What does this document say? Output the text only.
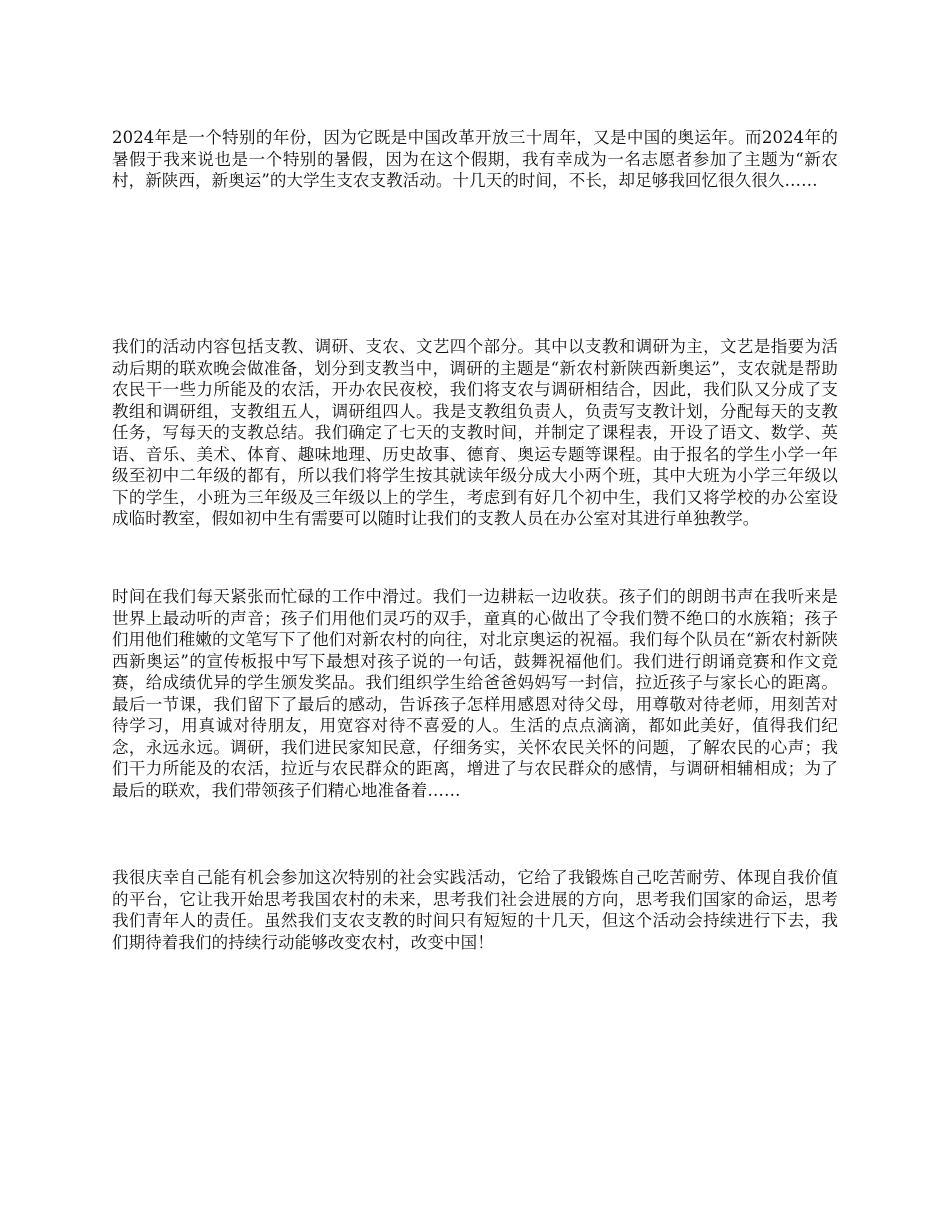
2024年是一个特别的年份，因为它既是中国改革开放三十周年，又是中国的奥运年。而2024年的暑假于我来说也是一个特别的暑假，因为在这个假期，我有幸成为一名志愿者参加了主题为“新农村，新陕西，新奥运”的大学生支农支教活动。十几天的时间，不长，却足够我回忆很久很久……

我们的活动内容包括支教、调研、支农、文艺四个部分。其中以支教和调研为主，文艺是指要为活动后期的联欢晚会做准备，划分到支教当中，调研的主题是“新农村新陕西新奥运”，支农就是帮助农民干一些力所能及的农活，开办农民夜校，我们将支农与调研相结合，因此，我们队又分成了支教组和调研组，支教组五人，调研组四人。我是支教组负责人，负责写支教计划，分配每天的支教任务，写每天的支教总结。我们确定了七天的支教时间，并制定了课程表，开设了语文、数学、英语、音乐、美术、体育、趣味地理、历史故事、德育、奥运专题等课程。由于报名的学生小学一年级至初中二年级的都有，所以我们将学生按其就读年级分成大小两个班，其中大班为小学三年级以下的学生，小班为三年级及三年级以上的学生，考虑到有好几个初中生，我们又将学校的办公室设成临时教室，假如初中生有需要可以随时让我们的支教人员在办公室对其进行单独教学。

时间在我们每天紧张而忙碌的工作中滑过。我们一边耕耘一边收获。孩子们的朗朗书声在我听来是世界上最动听的声音；孩子们用他们灵巧的双手，童真的心做出了令我们赞不绝口的水族箱；孩子们用他们稚嫩的文笔写下了他们对新农村的向往，对北京奥运的祝福。我们每个队员在“新农村新陕西新奥运”的宣传板报中写下最想对孩子说的一句话，鼓舞祝福他们。我们进行朗诵竞赛和作文竞赛，给成绩优异的学生颁发奖品。我们组织学生给爸爸妈妈写一封信，拉近孩子与家长心的距离。最后一节课，我们留下了最后的感动，告诉孩子怎样用感恩对待父母，用尊敬对待老师，用刻苦对待学习，用真诚对待朋友，用宽容对待不喜爱的人。生活的点点滴滴，都如此美好，值得我们纪念，永远永远。调研，我们进民家知民意，仔细务实，关怀农民关怀的问题，了解农民的心声；我们干力所能及的农活，拉近与农民群众的距离，增进了与农民群众的感情，与调研相辅相成；为了最后的联欢，我们带领孩子们精心地准备着……

我很庆幸自己能有机会参加这次特别的社会实践活动，它给了我锻炼自己吃苦耐劳、体现自我价值的平台，它让我开始思考我国农村的未来，思考我们社会进展的方向，思考我们国家的命运，思考我们青年人的责任。虽然我们支农支教的时间只有短短的十几天，但这个活动会持续进行下去，我们期待着我们的持续行动能够改变农村，改变中国！
